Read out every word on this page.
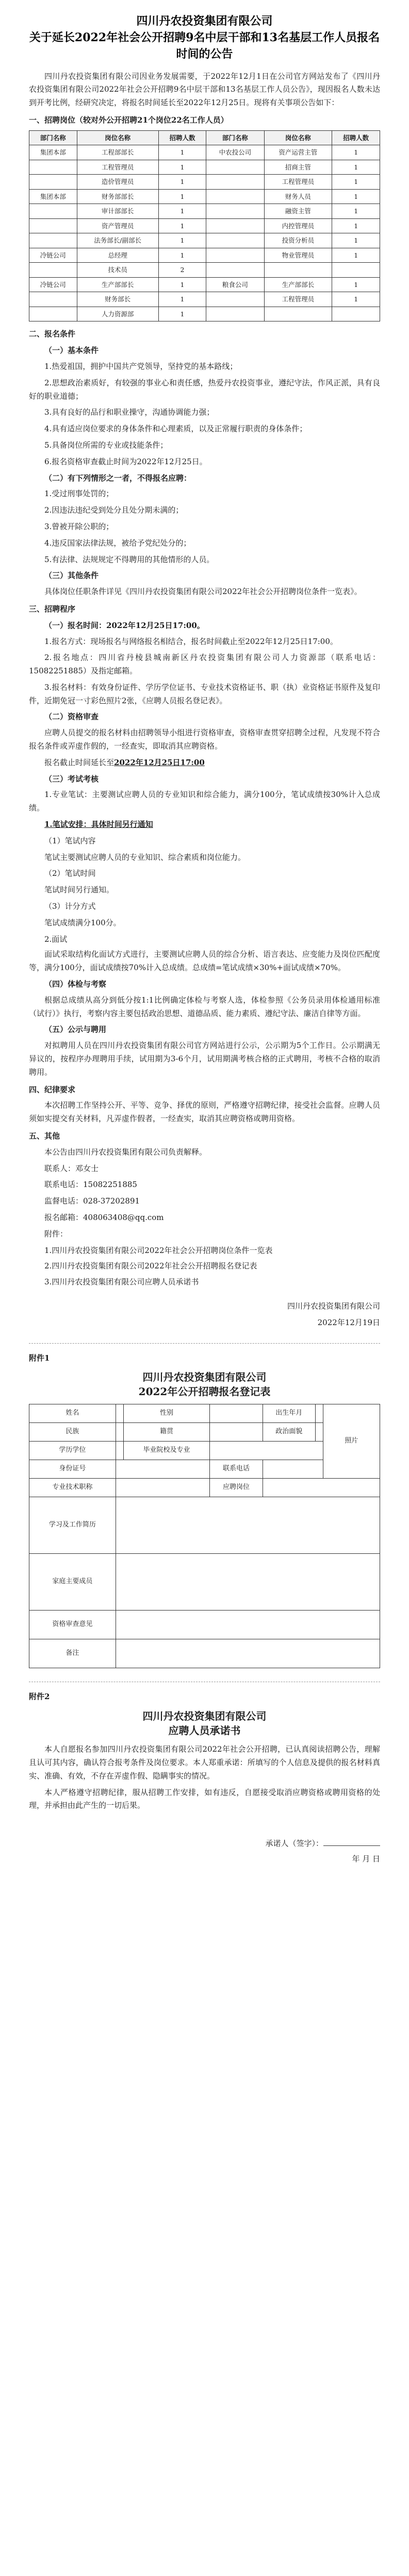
四川丹农投资集团有限公司
关于延长2022年社会公开招聘9名中层干部和13名基层工作人员报名时间的公告

四川丹农投资集团有限公司因业务发展需要，于2022年12月1日在公司官方网站发布了《四川丹农投资集团有限公司2022年社会公开招聘9名中层干部和13名基层工作人员公告》，现因报名人数未达到开考比例，经研究决定，将报名时间延长至2022年12月25日。现将有关事项公告如下：

一、招聘岗位（较对外公开招聘21个岗位22名工作人员）
部门名称	岗位名称	招聘人数	部门名称	岗位名称	招聘人数
集团本部	工程部部长	1	中农投公司	资产运营主管	1
	工程管理员	1		招商主管	1
	造价管理员	1		工程管理员	1
集团本部	财务部部长	1		财务人员	1
	审计部部长	1		融资主管	1
	资产管理员	1		内控管理员	1
	法务部长/副部长	1		投资分析员	1
冷链公司	总经理	1		物业管理员	1
	技术员	2			
冷链公司	生产部部长	1	粮食公司	生产部部长	1
	财务部长	1		工程管理员	1
	人力资源部	1			
二、报名条件
（一）基本条件

1.热爱祖国，拥护中国共产党领导，坚持党的基本路线；

2.思想政治素质好，有较强的事业心和责任感，热爱丹农投资事业，遵纪守法，作风正派，具有良好的职业道德；

3.具有良好的品行和职业操守，沟通协调能力强；

4.具有适应岗位要求的身体条件和心理素质，以及正常履行职责的身体条件；

5.具备岗位所需的专业或技能条件；

6.报名资格审查截止时间为2022年12月25日。

（二）有下列情形之一者，不得报名应聘：

1.受过刑事处罚的；

2.因违法违纪受到处分且处分期未满的；

3.曾被开除公职的；

4.违反国家法律法规，被给予党纪处分的；

5.有法律、法规规定不得聘用的其他情形的人员。

（三）其他条件

具体岗位任职条件详见《四川丹农投资集团有限公司2022年社会公开招聘岗位条件一览表》。

三、招聘程序
（一）报名时间：2022年12月25日17:00。

1.报名方式：现场报名与网络报名相结合，报名时间截止至2022年12月25日17:00。

2.报名地点：四川省丹棱县城南新区丹农投资集团有限公司人力资源部（联系电话：15082251885）及指定邮箱。

3.报名材料：有效身份证件、学历学位证书、专业技术资格证书、职（执）业资格证书原件及复印件，近期免冠一寸彩色照片2张，《应聘人员报名登记表》。

（二）资格审查

应聘人员提交的报名材料由招聘领导小组进行资格审查，资格审查贯穿招聘全过程，凡发现不符合报名条件或弄虚作假的，一经查实，即取消其应聘资格。

报名截止时间延长至2022年12月25日17:00

（三）考试考核

1.专业笔试：主要测试应聘人员的专业知识和综合能力，满分100分，笔试成绩按30%计入总成绩。

1.笔试安排：具体时间另行通知

（1）笔试内容

笔试主要测试应聘人员的专业知识、综合素质和岗位能力。

（2）笔试时间

笔试时间另行通知。

（3）计分方式

笔试成绩满分100分。

2.面试

面试采取结构化面试方式进行，主要测试应聘人员的综合分析、语言表达、应变能力及岗位匹配度等，满分100分，面试成绩按70%计入总成绩。总成绩=笔试成绩×30%+面试成绩×70%。

（四）体检与考察

根据总成绩从高分到低分按1:1比例确定体检与考察人选，体检参照《公务员录用体检通用标准（试行）》执行，考察内容主要包括政治思想、道德品质、能力素质、遵纪守法、廉洁自律等方面。

（五）公示与聘用

对拟聘用人员在四川丹农投资集团有限公司官方网站进行公示，公示期为5个工作日。公示期满无异议的，按程序办理聘用手续，试用期为3-6个月，试用期满考核合格的正式聘用，考核不合格的取消聘用。

四、纪律要求

本次招聘工作坚持公开、平等、竞争、择优的原则，严格遵守招聘纪律，接受社会监督。应聘人员须如实提交有关材料，凡弄虚作假者，一经查实，取消其应聘资格或聘用资格。

五、其他

本公告由四川丹农投资集团有限公司负责解释。

联系人：邓女士

联系电话：15082251885

监督电话：028-37202891

报名邮箱：408063408@qq.com

附件：

1.四川丹农投资集团有限公司2022年社会公开招聘岗位条件一览表

2.四川丹农投资集团有限公司2022年社会公开招聘报名登记表

3.四川丹农投资集团有限公司应聘人员承诺书

四川丹农投资集团有限公司
2022年12月19日
附件1
四川丹农投资集团有限公司
2022年公开招聘报名登记表
姓名		性别		出生年月		照片
民族		籍贯		政治面貌		
学历学位		毕业院校及专业				
身份证号			联系电话			
专业技术职称			应聘岗位			
学习及工作简历						
家庭主要成员						
资格审查意见						
备注						
附件2
四川丹农投资集团有限公司
应聘人员承诺书

本人自愿报名参加四川丹农投资集团有限公司2022年社会公开招聘，已认真阅读招聘公告，理解且认可其内容，确认符合报考条件及岗位要求。本人郑重承诺：所填写的个人信息及提供的报名材料真实、准确、有效，不存在弄虚作假、隐瞒事实的情况。

本人严格遵守招聘纪律，服从招聘工作安排，如有违反，自愿接受取消应聘资格或聘用资格的处理，并承担由此产生的一切后果。

承诺人（签字）：
年 月 日
